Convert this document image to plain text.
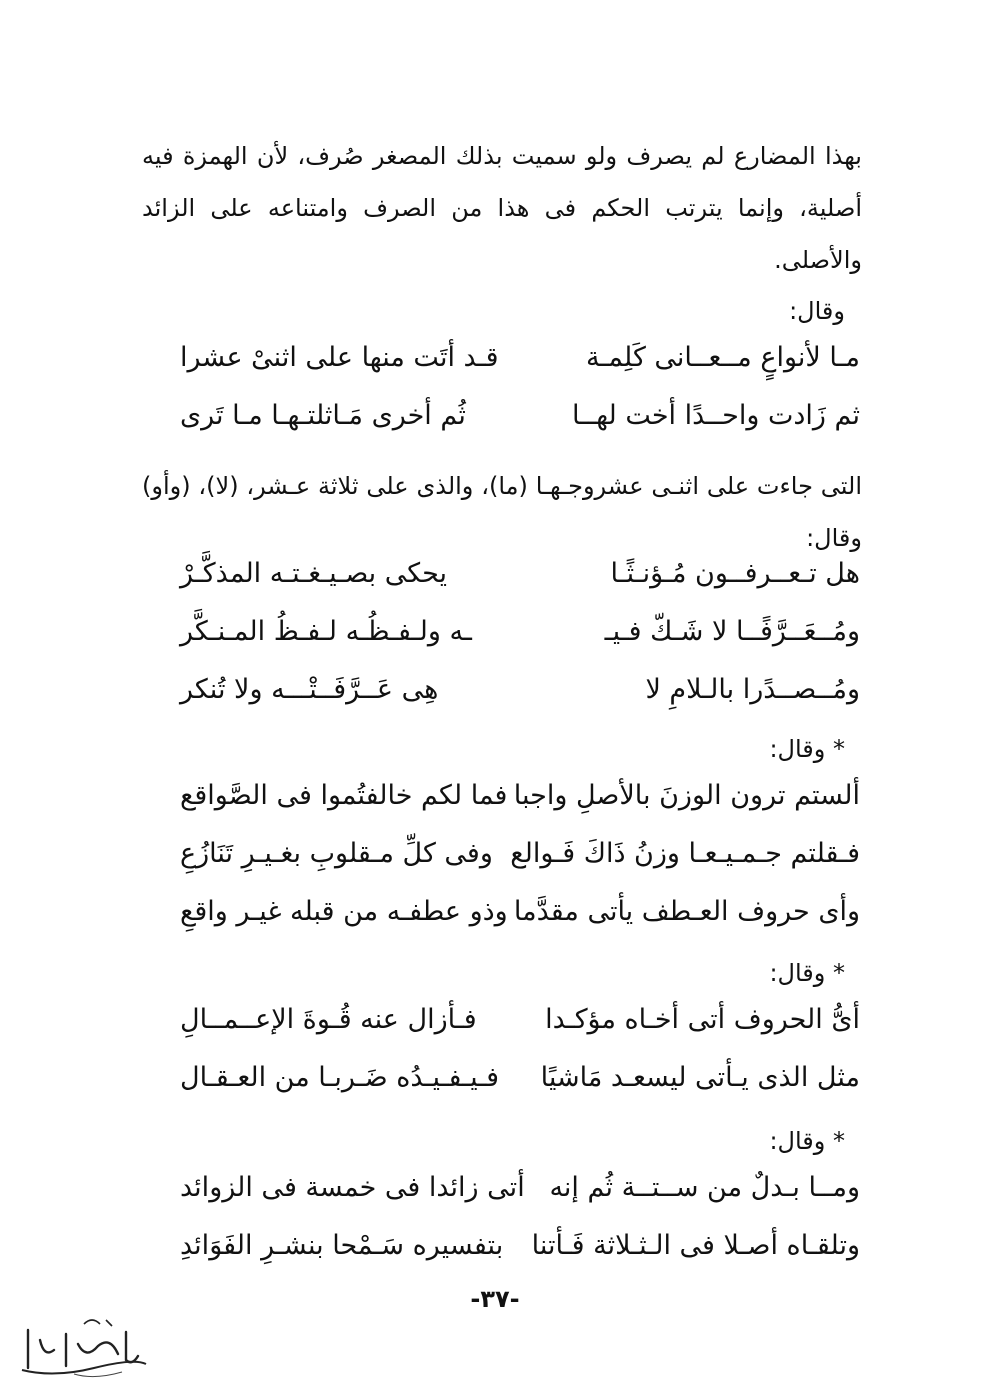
بهذا المضارع لم يصرف ولو سميت بذلك المصغر صُرف، لأن الهمزة فيه أصلية، وإنما يترتب الحكم فى هذا من الصرف وامتناعه على الزائد والأصلى.
وقال:
مـا لأنواعٍ مــعــانى كَلِمـة
قـد أتَت منها على اثنىْ عشرا
ثم زَادت واحــدًا أخت لهــا
ثُم أخرى مَـاثلتـهـا مـا تَرى
التى جاءت على اثنـى عشروجـهـا (ما)، والذى على ثلاثة عـشر، (لا)، (وأو) وقال:
هل تـعــرفــون مُـؤنـثًـا
يحكى بصـيـغـتـه المذكَّـرْ
ومُــعَــرَّفًــا لا شَـكّ فـيـ
ـه ولـفـظُـه لـفـظُ المـنـكَّر
ومُــصــدًرا بالـلامِ لا
هِى عَــرَّفَــتْـــه ولا تُنكر
* وقال:
ألستم ترون الوزنَ بالأصلِ واجبا
فما لكم خالفتُموا فى الصَّواقع
فـقلتم جـمـيـعـا وزنُ ذَاكَ فَـوالع
وفى كلِّ مـقلوبِ بغـيـرِ تَنَازُعِ
وأى حروف العـطف يأتى مقدَّما
وذو عطفـه من قبله غيـر واقعِ
* وقال:
أىُّ الحروف أتى أخـاه مؤكـدا
فـأزال عنه قُـوةَ الإعــمــالِ
مثل الذى يـأتى ليسعـد مَاشيًا
فـيـفـيـدُه ضَـربـا من العـقـال
* وقال:
ومــا بـدلٌ من ســتــة ثُم إنه
أتى زائدا فى خمسة فى الزوائد
وتلقـاه أصـلا فى الـثـلاثة فَـأتنا
بتفسيره سَـمْحا بنشـرِ الفَوَائدِ
-٣٧-
